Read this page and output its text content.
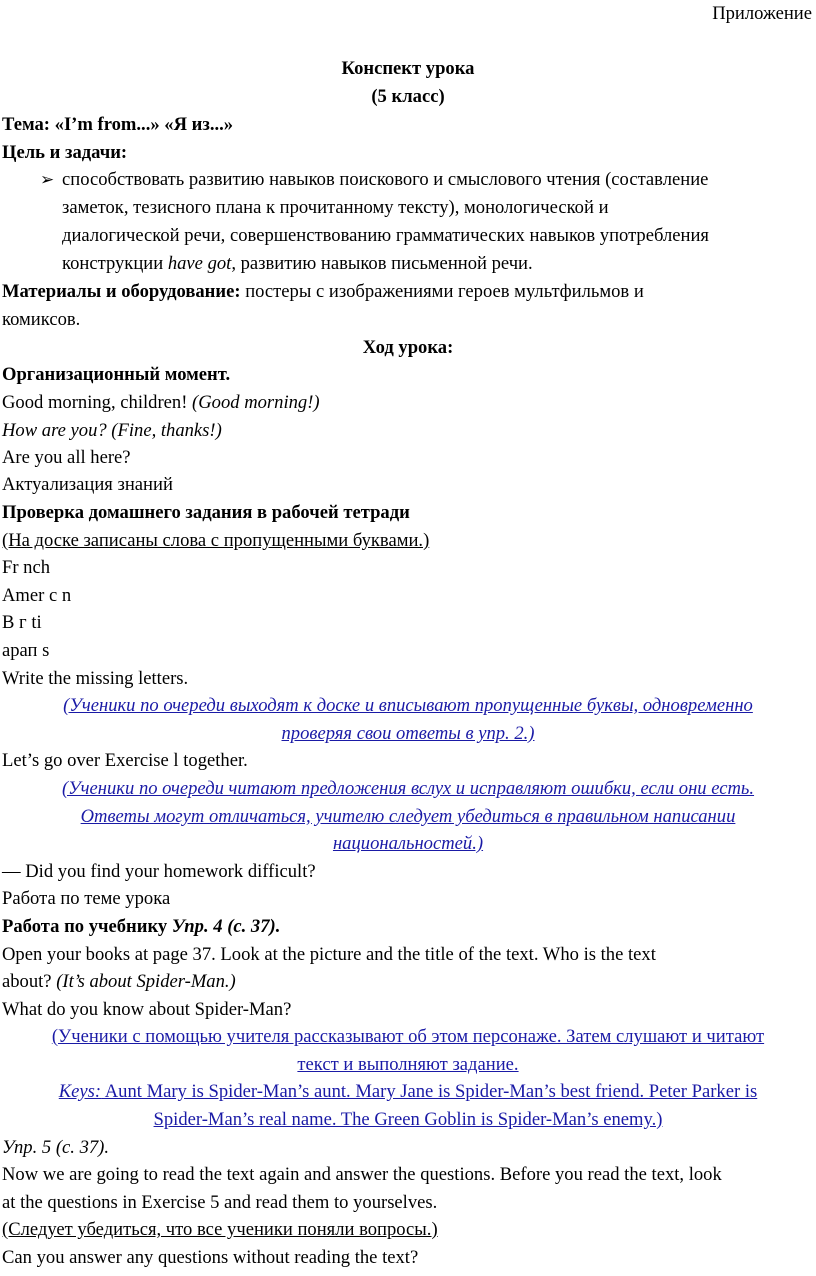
Приложение
Конспект урока
(5 класс)
Тема: «I’m from...» «Я из...»
Цель и задачи:
➢ способствовать развитию навыков поискового и смыслового чтения (составление
заметок, тезисного плана к прочитанному тексту), монологической и
диалогической речи, совершенствованию грамматических навыков употребления
конструкции have got, развитию навыков письменной речи.
Материалы и оборудование: постеры с изображениями героев мультфильмов и
комиксов.
Ход урока:
Организационный момент.
Good morning, children! (Good morning!)
How are you? (Fine, thanks!)
Are you all here?
Актуализация знаний
Проверка домашнего задания в рабочей тетради
(На доске записаны слова с пропущенными буквами.)
Fr nch
Amer с n
В г ti
арап s
Write the missing letters.
(Ученики по очереди выходят к доске и вписывают пропущенные буквы, одновременно
проверяя свои ответы в упр. 2.)
Let’s go over Exercise l together.
(Ученики по очереди читают предложения вслух и исправляют ошибки, если они есть.
Ответы могут отличаться, учителю следует убедиться в правильном написании
национальностей.)
— Did you find your homework difficult?
Работа по теме урока
Работа по учебнику Упр. 4 (с. 37).
Open your books at page 37. Look at the picture and the title of the text. Who is the text
about? (It’s about Spider-Man.)
What do you know about Spider-Man?
(Ученики с помощью учителя рассказывают об этом персонаже. Затем слушают и читают
текст и выполняют задание.
Keys: Aunt Mary is Spider-Man’s aunt. Mary Jane is Spider-Man’s best friend. Peter Parker is
Spider-Man’s real name. The Green Goblin is Spider-Man’s enemy.)
Упр. 5 (с. 37).
Now we are going to read the text again and answer the questions. Before you read the text, look
at the questions in Exercise 5 and read them to yourselves.
(Следует убедиться, что все ученики поняли вопросы.)
Can you answer any questions without reading the text?
